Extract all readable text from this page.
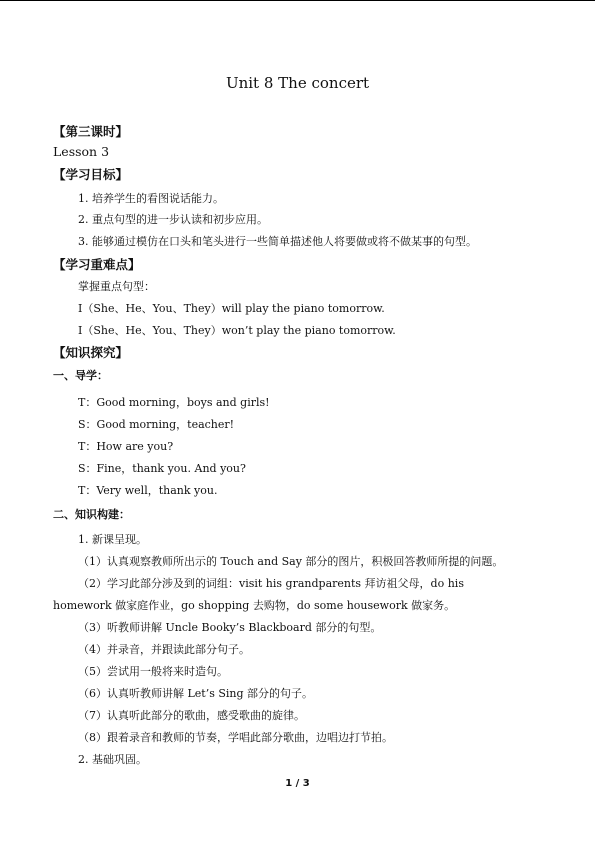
Unit 8 The concert
【第三课时】
Lesson 3
【学习目标】
1. 培养学生的看图说话能力。
2. 重点句型的进一步认读和初步应用。
3. 能够通过模仿在口头和笔头进行一些简单描述他人将要做或将不做某事的句型。
【学习重难点】
掌握重点句型：
I（She、He、You、They）will play the piano tomorrow.
I（She、He、You、They）won’t play the piano tomorrow.
【知识探究】
一、导学：
T：Good morning，boys and girls!
S：Good morning，teacher!
T：How are you?
S：Fine，thank you. And you?
T：Very well，thank you.
二、知识构建：
1. 新课呈现。
（1）认真观察教师所出示的 Touch and Say 部分的图片，积极回答教师所提的问题。
（2）学习此部分涉及到的词组：visit his grandparents 拜访祖父母，do his
homework 做家庭作业，go shopping 去购物，do some housework 做家务。
（3）听教师讲解 Uncle Booky’s Blackboard 部分的句型。
（4）并录音，并跟读此部分句子。
（5）尝试用一般将来时造句。
（6）认真听教师讲解 Let’s Sing 部分的句子。
（7）认真听此部分的歌曲，感受歌曲的旋律。
（8）跟着录音和教师的节奏，学唱此部分歌曲，边唱边打节拍。
2. 基础巩固。
1 / 3
